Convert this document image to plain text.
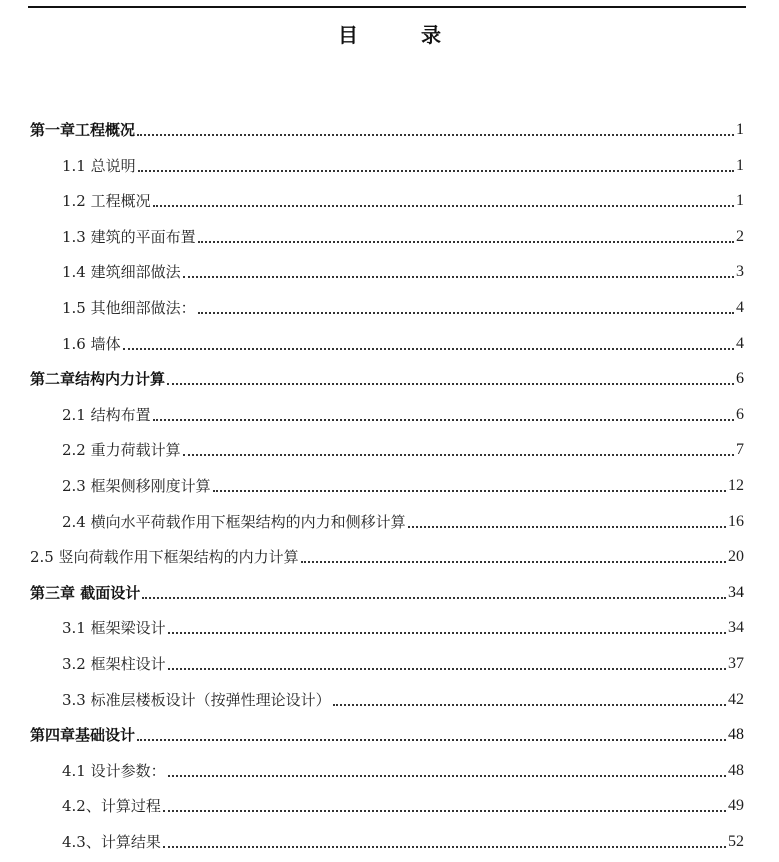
目 录
第一章工程概况	1
1.1 总说明	1
1.2 工程概况	1
1.3 建筑的平面布置	2
1.4 建筑细部做法	3
1.5 其他细部做法：	4
1.6 墙体	4
第二章结构内力计算	6
2.1 结构布置	6
2.2 重力荷载计算	7
2.3 框架侧移刚度计算	12
2.4 横向水平荷载作用下框架结构的内力和侧移计算	16
2.5 竖向荷载作用下框架结构的内力计算	20
第三章 截面设计	34
3.1 框架梁设计	34
3.2 框架柱设计	37
3.3 标准层楼板设计（按弹性理论设计）	42
第四章基础设计	48
4.1 设计参数：	48
4.2、计算过程	49
4.3、计算结果	52
